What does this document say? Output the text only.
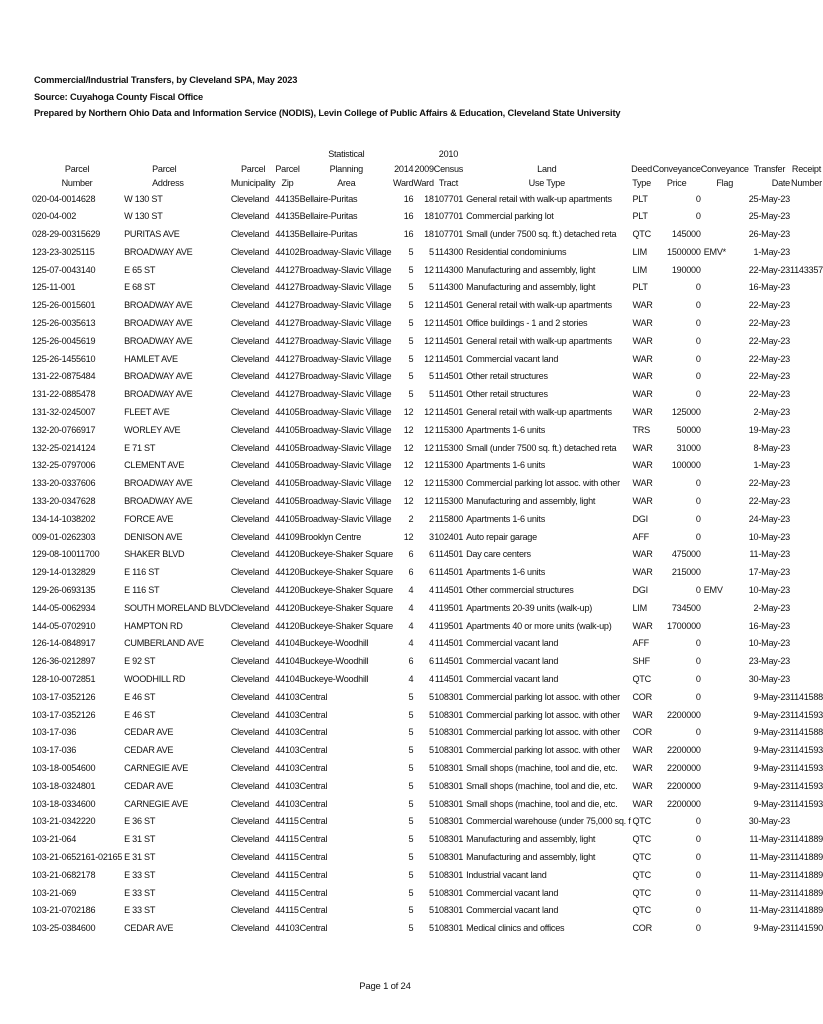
Commercial/Industrial Transfers, by Cleveland SPA, May 2023
Source: Cuyahoga County Fiscal Office
Prepared by Northern Ohio Data and Information Service (NODIS), Levin College of Public Affairs & Education, Cleveland State University
					Statistical			2010						
Parcel		Parcel	Parcel	Parcel	Planning	2014	2009	Census	Land	Deed	Conveyance	Conveyance	Transfer	Receipt
Number		Address	Municipality	Zip	Area	Ward	Ward	Tract	Use Type	Type	Price	Flag	Date	Number
020-04-001	4628	W 130 ST	Cleveland	44135	Bellaire-Puritas	16	18	107701	General retail with walk-up apartments	PLT	0		25-May-23	
020-04-002		W 130 ST	Cleveland	44135	Bellaire-Puritas	16	18	107701	Commercial parking lot	PLT	0		25-May-23	
028-29-003	15629	PURITAS AVE	Cleveland	44135	Bellaire-Puritas	16	18	107701	Small (under 7500 sq. ft.) detached reta	QTC	145000		26-May-23	
123-23-302	5115	BROADWAY AVE	Cleveland	44102	Broadway-Slavic Village	5	5	114300	Residential condominiums	LIM	1500000	EMV*	1-May-23	
125-07-004	3140	E 65 ST	Cleveland	44127	Broadway-Slavic Village	5	12	114300	Manufacturing and assembly, light	LIM	190000		22-May-23	1143357
125-11-001		E 68 ST	Cleveland	44127	Broadway-Slavic Village	5	5	114300	Manufacturing and assembly, light	PLT	0		16-May-23	
125-26-001	5601	BROADWAY AVE	Cleveland	44127	Broadway-Slavic Village	5	12	114501	General retail with walk-up apartments	WAR	0		22-May-23	
125-26-003	5613	BROADWAY AVE	Cleveland	44127	Broadway-Slavic Village	5	12	114501	Office buildings - 1 and 2 stories	WAR	0		22-May-23	
125-26-004	5619	BROADWAY AVE	Cleveland	44127	Broadway-Slavic Village	5	12	114501	General retail with walk-up apartments	WAR	0		22-May-23	
125-26-145	5610	HAMLET AVE	Cleveland	44127	Broadway-Slavic Village	5	12	114501	Commercial vacant land	WAR	0		22-May-23	
131-22-087	5484	BROADWAY AVE	Cleveland	44127	Broadway-Slavic Village	5	5	114501	Other retail structures	WAR	0		22-May-23	
131-22-088	5478	BROADWAY AVE	Cleveland	44127	Broadway-Slavic Village	5	5	114501	Other retail structures	WAR	0		22-May-23	
131-32-024	5007	FLEET AVE	Cleveland	44105	Broadway-Slavic Village	12	12	114501	General retail with walk-up apartments	WAR	125000		2-May-23	
132-20-076	6917	WORLEY AVE	Cleveland	44105	Broadway-Slavic Village	12	12	115300	Apartments 1-6 units	TRS	50000		19-May-23	
132-25-021	4124	E 71 ST	Cleveland	44105	Broadway-Slavic Village	12	12	115300	Small (under 7500 sq. ft.) detached reta	WAR	31000		8-May-23	
132-25-079	7006	CLEMENT AVE	Cleveland	44105	Broadway-Slavic Village	12	12	115300	Apartments 1-6 units	WAR	100000		1-May-23	
133-20-033	7606	BROADWAY AVE	Cleveland	44105	Broadway-Slavic Village	12	12	115300	Commercial parking lot assoc. with other	WAR	0		22-May-23	
133-20-034	7628	BROADWAY AVE	Cleveland	44105	Broadway-Slavic Village	12	12	115300	Manufacturing and assembly, light	WAR	0		22-May-23	
134-14-103	8202	FORCE AVE	Cleveland	44105	Broadway-Slavic Village	2	2	115800	Apartments 1-6 units	DGI	0		24-May-23	
009-01-026	2303	DENISON AVE	Cleveland	44109	Brooklyn Centre	12	3	102401	Auto repair garage	AFF	0		10-May-23	
129-08-100	11700	SHAKER BLVD	Cleveland	44120	Buckeye-Shaker Square	6	6	114501	Day care centers	WAR	475000		11-May-23	
129-14-013	2829	E 116 ST	Cleveland	44120	Buckeye-Shaker Square	6	6	114501	Apartments 1-6 units	WAR	215000		17-May-23	
129-26-069	3135	E 116 ST	Cleveland	44120	Buckeye-Shaker Square	4	4	114501	Other commercial structures	DGI	0	EMV	10-May-23	
144-05-006	2934	SOUTH MORELAND BLVD	Cleveland	44120	Buckeye-Shaker Square	4	4	119501	Apartments 20-39 units (walk-up)	LIM	734500		2-May-23	
144-05-070	2910	HAMPTON RD	Cleveland	44120	Buckeye-Shaker Square	4	4	119501	Apartments 40 or more units (walk-up)	WAR	1700000		16-May-23	
126-14-084	8917	CUMBERLAND AVE	Cleveland	44104	Buckeye-Woodhill	4	4	114501	Commercial vacant land	AFF	0		10-May-23	
126-36-021	2897	E 92 ST	Cleveland	44104	Buckeye-Woodhill	6	6	114501	Commercial vacant land	SHF	0		23-May-23	
128-10-007	2851	WOODHILL RD	Cleveland	44104	Buckeye-Woodhill	4	4	114501	Commercial vacant land	QTC	0		30-May-23	
103-17-035	2126	E 46 ST	Cleveland	44103	Central	5	5	108301	Commercial parking lot assoc. with other	COR	0		9-May-23	1141588
103-17-035	2126	E 46 ST	Cleveland	44103	Central	5	5	108301	Commercial parking lot assoc. with other	WAR	2200000		9-May-23	1141593
103-17-036		CEDAR AVE	Cleveland	44103	Central	5	5	108301	Commercial parking lot assoc. with other	COR	0		9-May-23	1141588
103-17-036		CEDAR AVE	Cleveland	44103	Central	5	5	108301	Commercial parking lot assoc. with other	WAR	2200000		9-May-23	1141593
103-18-005	4600	CARNEGIE AVE	Cleveland	44103	Central	5	5	108301	Small shops (machine, tool and die, etc.	WAR	2200000		9-May-23	1141593
103-18-032	4801	CEDAR AVE	Cleveland	44103	Central	5	5	108301	Small shops (machine, tool and die, etc.	WAR	2200000		9-May-23	1141593
103-18-033	4600	CARNEGIE AVE	Cleveland	44103	Central	5	5	108301	Small shops (machine, tool and die, etc.	WAR	2200000		9-May-23	1141593
103-21-034	2220	E 36 ST	Cleveland	44115	Central	5	5	108301	Commercial warehouse (under 75,000 sq. f	QTC	0		30-May-23	
103-21-064		E 31 ST	Cleveland	44115	Central	5	5	108301	Manufacturing and assembly, light	QTC	0		11-May-23	1141889
103-21-065	2161-02165	E 31 ST	Cleveland	44115	Central	5	5	108301	Manufacturing and assembly, light	QTC	0		11-May-23	1141889
103-21-068	2178	E 33 ST	Cleveland	44115	Central	5	5	108301	Industrial vacant land	QTC	0		11-May-23	1141889
103-21-069		E 33 ST	Cleveland	44115	Central	5	5	108301	Commercial vacant land	QTC	0		11-May-23	1141889
103-21-070	2186	E 33 ST	Cleveland	44115	Central	5	5	108301	Commercial vacant land	QTC	0		11-May-23	1141889
103-25-038	4600	CEDAR AVE	Cleveland	44103	Central	5	5	108301	Medical clinics and offices	COR	0		9-May-23	1141590
Page 1 of 24
